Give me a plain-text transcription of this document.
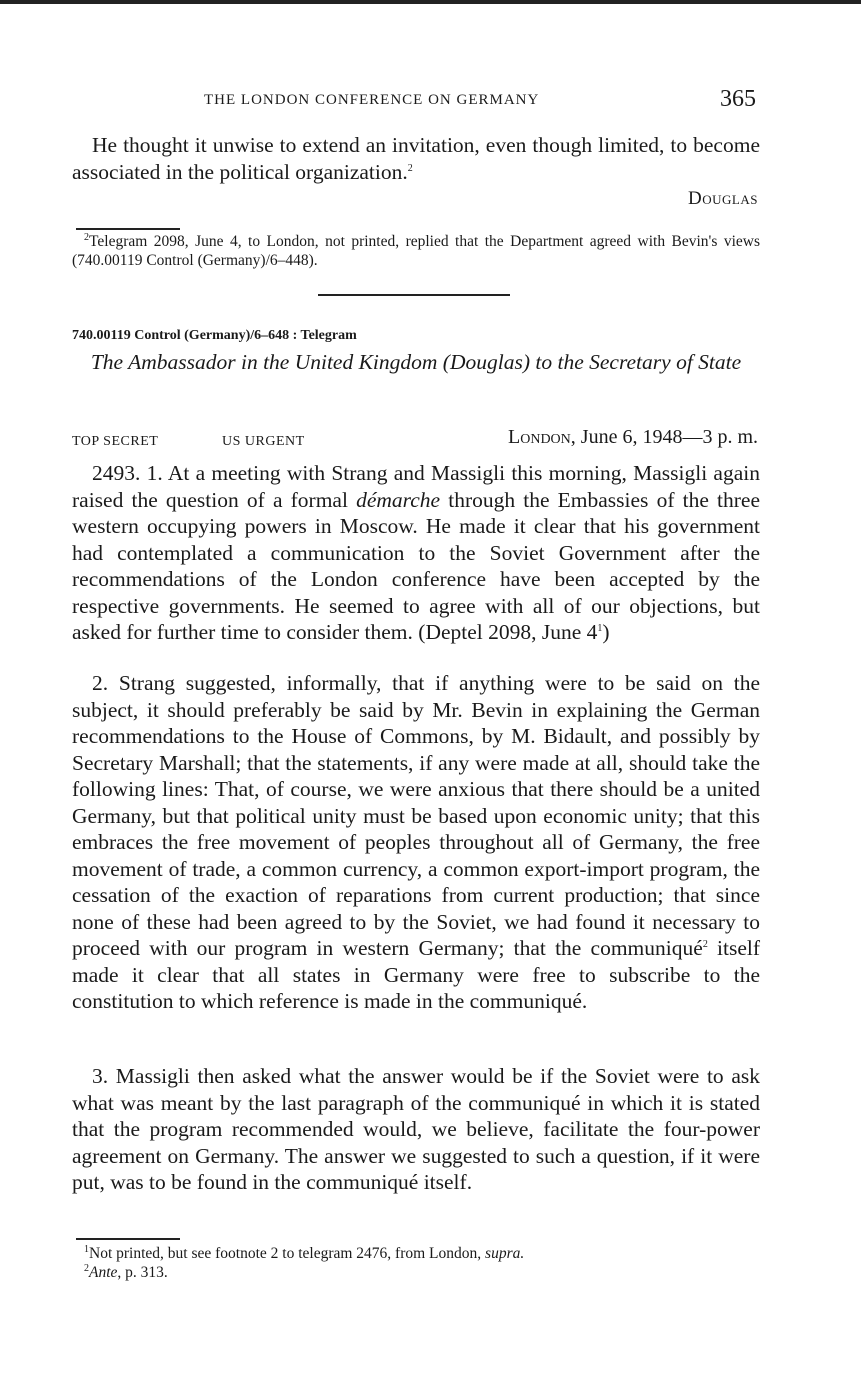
THE LONDON CONFERENCE ON GERMANY	365
He thought it unwise to extend an invitation, even though limited, to become associated in the political organization.$^2$
Douglas
$^2$Telegram 2098, June 4, to London, not printed, replied that the Department agreed with Bevin's views (740.00119 Control (Germany)/6–448).
740.00119 Control (Germany)/6–648 : Telegram
The Ambassador in the United Kingdom (Douglas) to the Secretary of State
TOP SECRET	US URGENT	London, June 6, 1948—3 p. m.
2493. 1. At a meeting with Strang and Massigli this morning, Massigli again raised the question of a formal démarche through the Embassies of the three western occupying powers in Moscow. He made it clear that his government had contemplated a communication to the Soviet Government after the recommendations of the London conference have been accepted by the respective governments. He seemed to agree with all of our objections, but asked for further time to consider them. (Deptel 2098, June $4^1$)
2. Strang suggested, informally, that if anything were to be said on the subject, it should preferably be said by Mr. Bevin in explaining the German recommendations to the House of Commons, by M. Bidault, and possibly by Secretary Marshall; that the statements, if any were made at all, should take the following lines: That, of course, we were anxious that there should be a united Germany, but that political unity must be based upon economic unity; that this embraces the free movement of peoples throughout all of Germany, the free movement of trade, a common currency, a common export-import program, the cessation of the exaction of reparations from current production; that since none of these had been agreed to by the Soviet, we had found it necessary to proceed with our program in western Germany; that the communiqué$^2$ itself made it clear that all states in Germany were free to subscribe to the constitution to which reference is made in the communiqué.
3. Massigli then asked what the answer would be if the Soviet were to ask what was meant by the last paragraph of the communiqué in which it is stated that the program recommended would, we believe, facilitate the four-power agreement on Germany. The answer we suggested to such a question, if it were put, was to be found in the communiqué itself.
$^1$Not printed, but see footnote 2 to telegram 2476, from London, supra.
$^2$Ante, p. 313.
